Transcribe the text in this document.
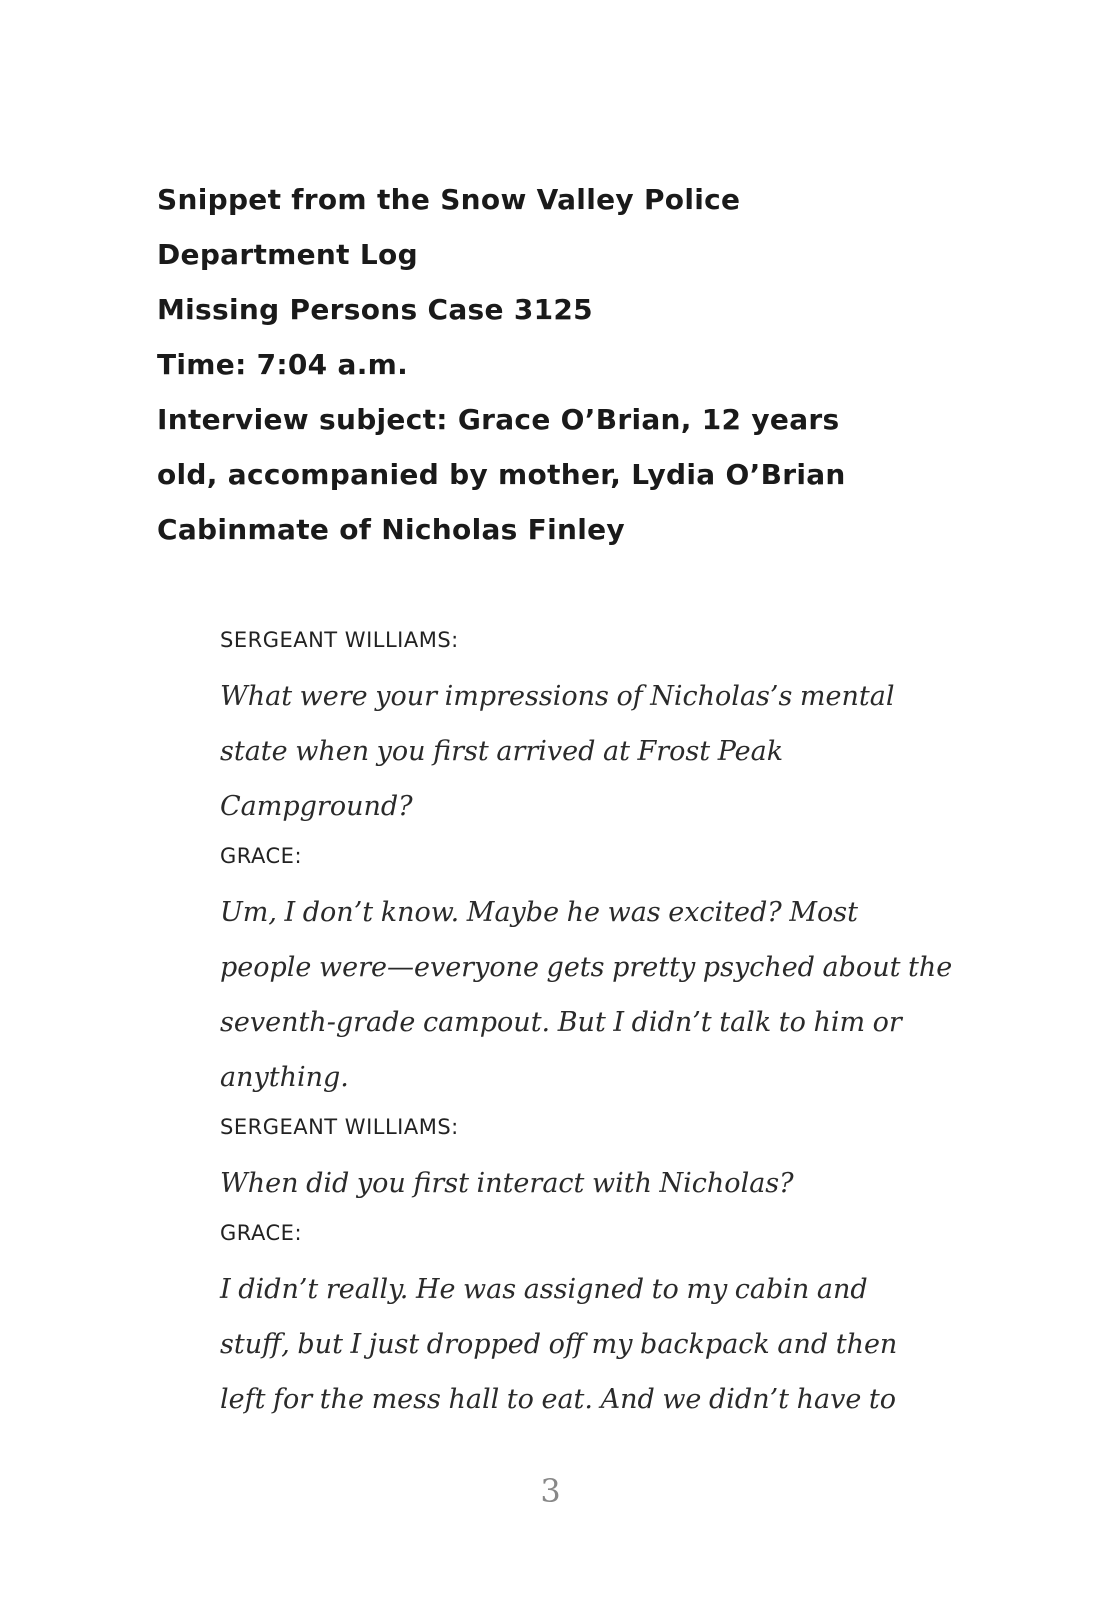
Snippet from the Snow Valley Police
Department Log
Missing Persons Case 3125
Time: 7:04 a.m.
Interview subject: Grace O’Brian, 12 years
old, accompanied by mother, Lydia O’Brian
Cabinmate of Nicholas Finley
SERGEANT WILLIAMS:
What were your impressions of Nicholas’s mental
state when you first arrived at Frost Peak
Campground?
GRACE:
Um, I don’t know. Maybe he was excited? Most
people were—everyone gets pretty psyched about the
seventh-grade campout. But I didn’t talk to him or
anything.
SERGEANT WILLIAMS:
When did you first interact with Nicholas?
GRACE:
I didn’t really. He was assigned to my cabin and
stuff, but I just dropped off my backpack and then
left for the mess hall to eat. And we didn’t have to
3
